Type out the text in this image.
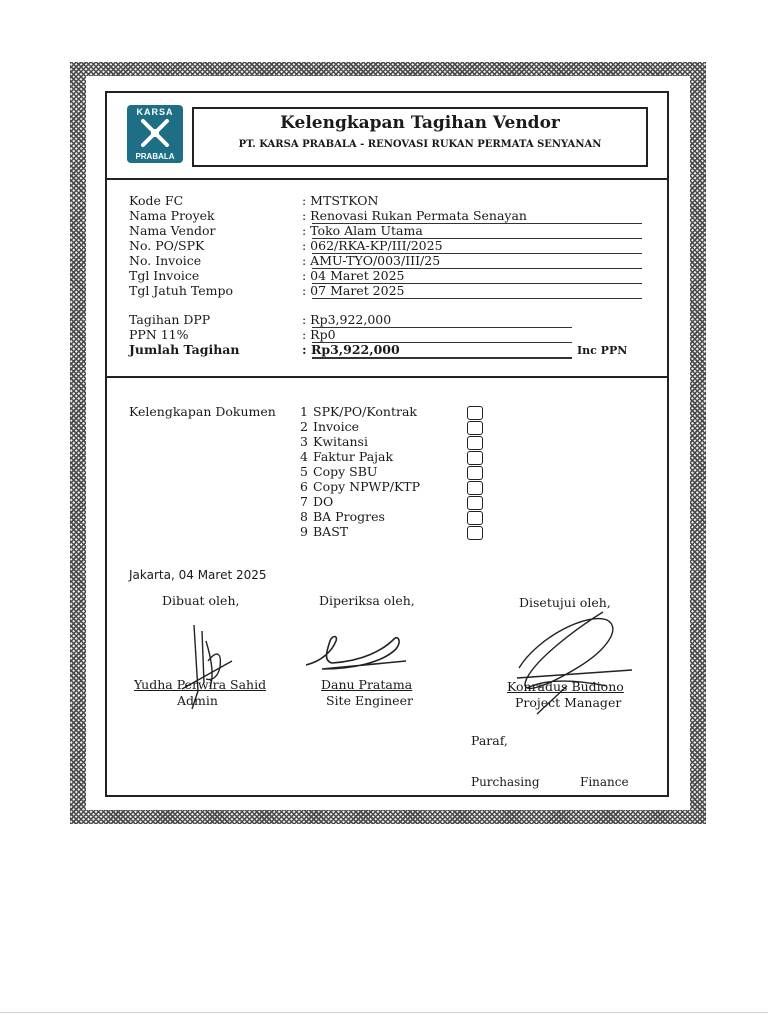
KARSA
PRABALA
Kelengkapan Tagihan Vendor
PT. KARSA PRABALA - RENOVASI RUKAN PERMATA SENYANAN
Kode FC	: MTSTKON
Nama Proyek	: Renovasi Rukan Permata Senayan
Nama Vendor	: Toko Alam Utama
No. PO/SPK	: 062/RKA-KP/III/2025
No. Invoice	: AMU-TYO/003/III/25
Tgl Invoice	: 04 Maret 2025
Tgl Jatuh Tempo	: 07 Maret 2025
Tagihan DPP	: Rp3,922,000
PPN 11%	: Rp0
Jumlah Tagihan	: Rp3,922,000	Inc PPN
Kelengkapan Dokumen 1 SPK/PO/Kontrak
2 Invoice
3 Kwitansi
4 Faktur Pajak
5 Copy SBU
6 Copy NPWP/KTP
7 DO
8 BA Progres
9 BAST
Jakarta, 04 Maret 2025
Dibuat oleh,	Diperiksa oleh,	Disetujui oleh,
Yudha Perwira Sahid
Admin
Danu Pratama
Site Engineer
Konradus Budiono
Project Manager
Paraf,
Purchasing	Finance
